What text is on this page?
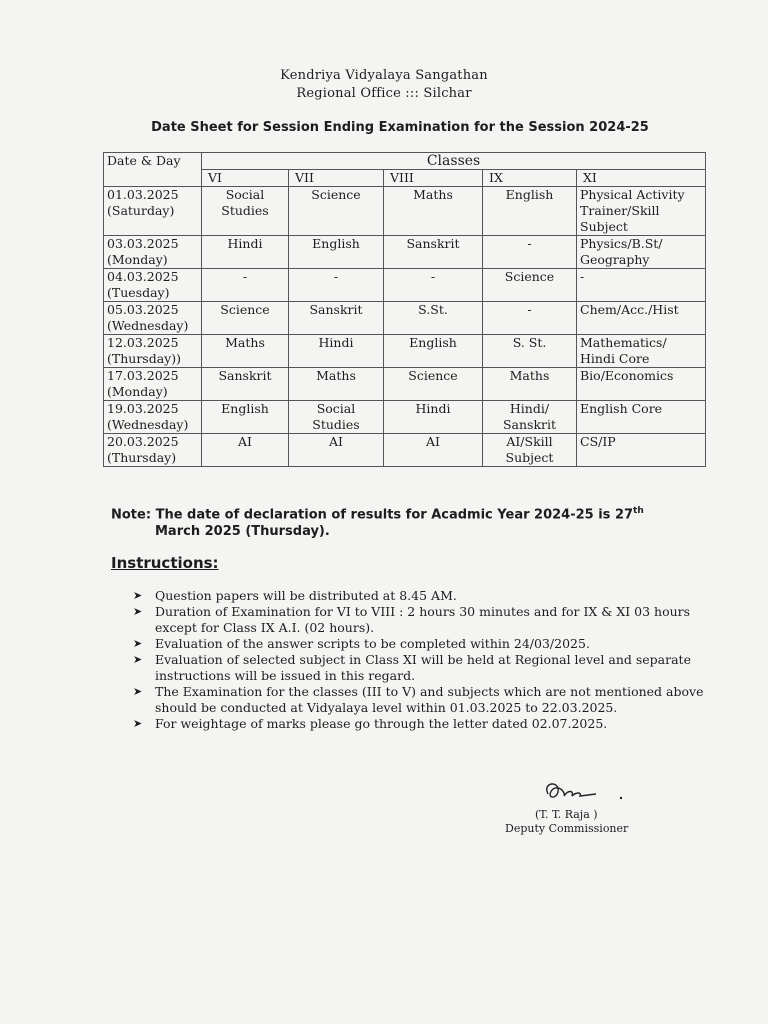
Kendriya Vidyalaya Sangathan
Regional Office ::: Silchar
Date Sheet for Session Ending Examination for the Session 2024-25
Date & Day	Classes				
	VI	VII	VIII	IX	XI

01.03.2025
(Saturday)	Social Studies	Science	Maths	English	Physical Activity Trainer/Skill Subject

03.03.2025
(Monday)	Hindi	English	Sanskrit	-	Physics/B.St/ Geography

04.03.2025
(Tuesday)	-	-	-	Science	-

05.03.2025
(Wednesday)	Science	Sanskrit	S.St.	-	Chem/Acc./Hist

12.03.2025
(Thursday))	Maths	Hindi	English	S. St.	Mathematics/ Hindi Core

17.03.2025
(Monday)	Sanskrit	Maths	Science	Maths	Bio/Economics

19.03.2025
(Wednesday)	English	Social Studies	Hindi	Hindi/ Sanskrit	English Core

20.03.2025
(Thursday)	AI	AI	AI	AI/Skill Subject	CS/IP
Note: The date of declaration of results for Acadmic Year 2024-25 is 27th
March 2025 (Thursday).
Instructions:
➤ Question papers will be distributed at 8.45 AM.
➤ Duration of Examination for VI to VIII : 2 hours 30 minutes and for IX & XI 03 hours except for Class IX A.I. (02 hours).
➤ Evaluation of the answer scripts to be completed within 24/03/2025.
➤ Evaluation of selected subject in Class XI will be held at Regional level and separate instructions will be issued in this regard.
➤ The Examination for the classes (III to V) and subjects which are not mentioned above should be conducted at Vidyalaya level within 01.03.2025 to 22.03.2025.
➤ For weightage of marks please go through the letter dated 02.07.2025.
(T. T. Raja )
Deputy Commissioner
